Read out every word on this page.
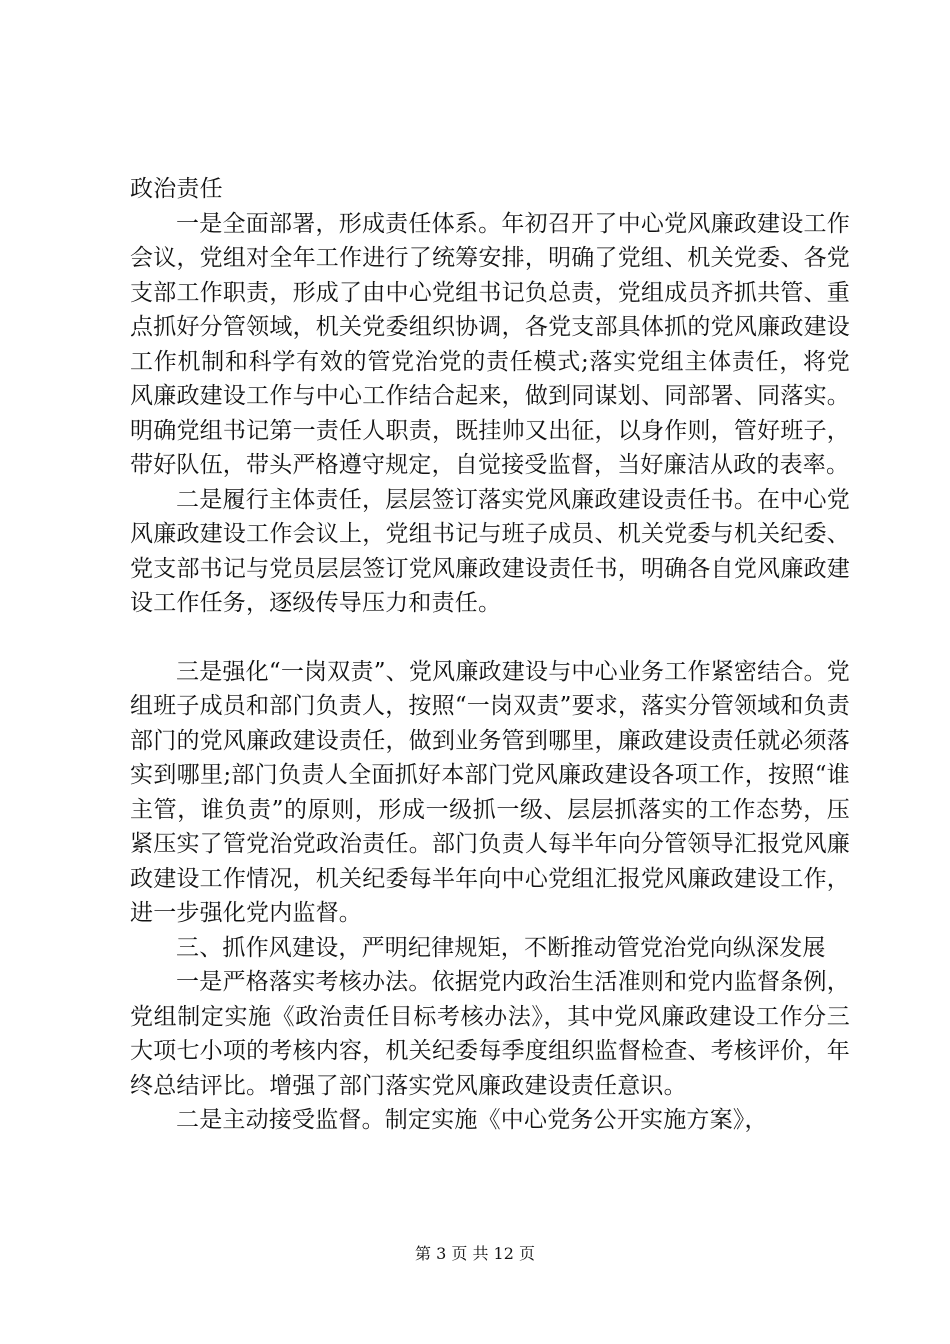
政治责任

一是全面部署，形成责任体系。年初召开了中心党风廉政建设工作会议，党组对全年工作进行了统筹安排，明确了党组、机关党委、各党支部工作职责，形成了由中心党组书记负总责，党组成员齐抓共管、重点抓好分管领域，机关党委组织协调，各党支部具体抓的党风廉政建设工作机制和科学有效的管党治党的责任模式;落实党组主体责任，将党风廉政建设工作与中心工作结合起来，做到同谋划、同部署、同落实。明确党组书记第一责任人职责，既挂帅又出征，以身作则，管好班子，带好队伍，带头严格遵守规定，自觉接受监督，当好廉洁从政的表率。

二是履行主体责任，层层签订落实党风廉政建设责任书。在中心党风廉政建设工作会议上，党组书记与班子成员、机关党委与机关纪委、党支部书记与党员层层签订党风廉政建设责任书，明确各自党风廉政建设工作任务，逐级传导压力和责任。

三是强化“一岗双责”、党风廉政建设与中心业务工作紧密结合。党组班子成员和部门负责人，按照“一岗双责”要求，落实分管领域和负责部门的党风廉政建设责任，做到业务管到哪里，廉政建设责任就必须落实到哪里;部门负责人全面抓好本部门党风廉政建设各项工作，按照“谁主管，谁负责”的原则，形成一级抓一级、层层抓落实的工作态势，压紧压实了管党治党政治责任。部门负责人每半年向分管领导汇报党风廉政建设工作情况，机关纪委每半年向中心党组汇报党风廉政建设工作，进一步强化党内监督。

三、抓作风建设，严明纪律规矩，不断推动管党治党向纵深发展

一是严格落实考核办法。依据党内政治生活准则和党内监督条例，党组制定实施《政治责任目标考核办法》，其中党风廉政建设工作分三大项七小项的考核内容，机关纪委每季度组织监督检查、考核评价，年终总结评比。增强了部门落实党风廉政建设责任意识。

二是主动接受监督。制定实施《中心党务公开实施方案》，

第 3 页 共 12 页
